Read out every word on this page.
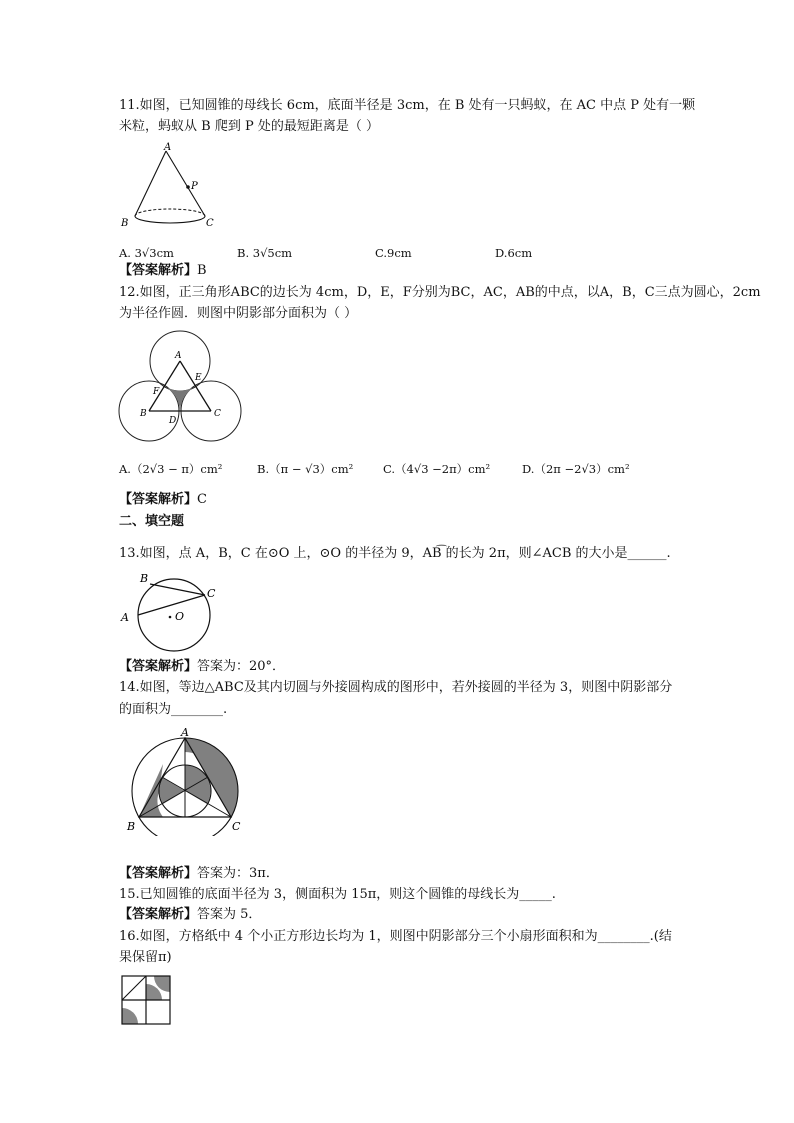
11.如图，已知圆锥的母线长 6cm，底面半径是 3cm，在 B 处有一只蚂蚁，在 AC 中点 P 处有一颗
米粒，蚂蚁从 B 爬到 P 处的最短距离是（ ）
A
P
B	C
A. 3√3cm	B. 3√5cm	C.9cm	D.6cm
【答案解析】B
12.如图，正三角形ABC的边长为 4cm，D，E，F分别为BC，AC，AB的中点，以A，B，C三点为圆心，2cm
为半径作圆．则图中阴影部分面积为（ ）
A
B	C
D
E
F
A.（2√3 − π）cm²	B.（π − √3）cm²	C.（4√3 −2π）cm²	D.（2π −2√3）cm²
【答案解析】C
二、填空题
13.如图，点 A，B，C 在⊙O 上，⊙O 的半径为 9，AB͡ 的长为 2π，则∠ACB 的大小是______.
B
C
A	O
【答案解析】答案为：20°．
14.如图，等边△ABC及其内切圆与外接圆构成的图形中，若外接圆的半径为 3，则图中阴影部分
的面积为________.
A
B	C
【答案解析】答案为：3π．
15.已知圆锥的底面半径为 3，侧面积为 15π，则这个圆锥的母线长为_____.
【答案解析】答案为 5．
16.如图，方格纸中 4 个小正方形边长均为 1，则图中阴影部分三个小扇形面积和为________.(结
果保留π)
